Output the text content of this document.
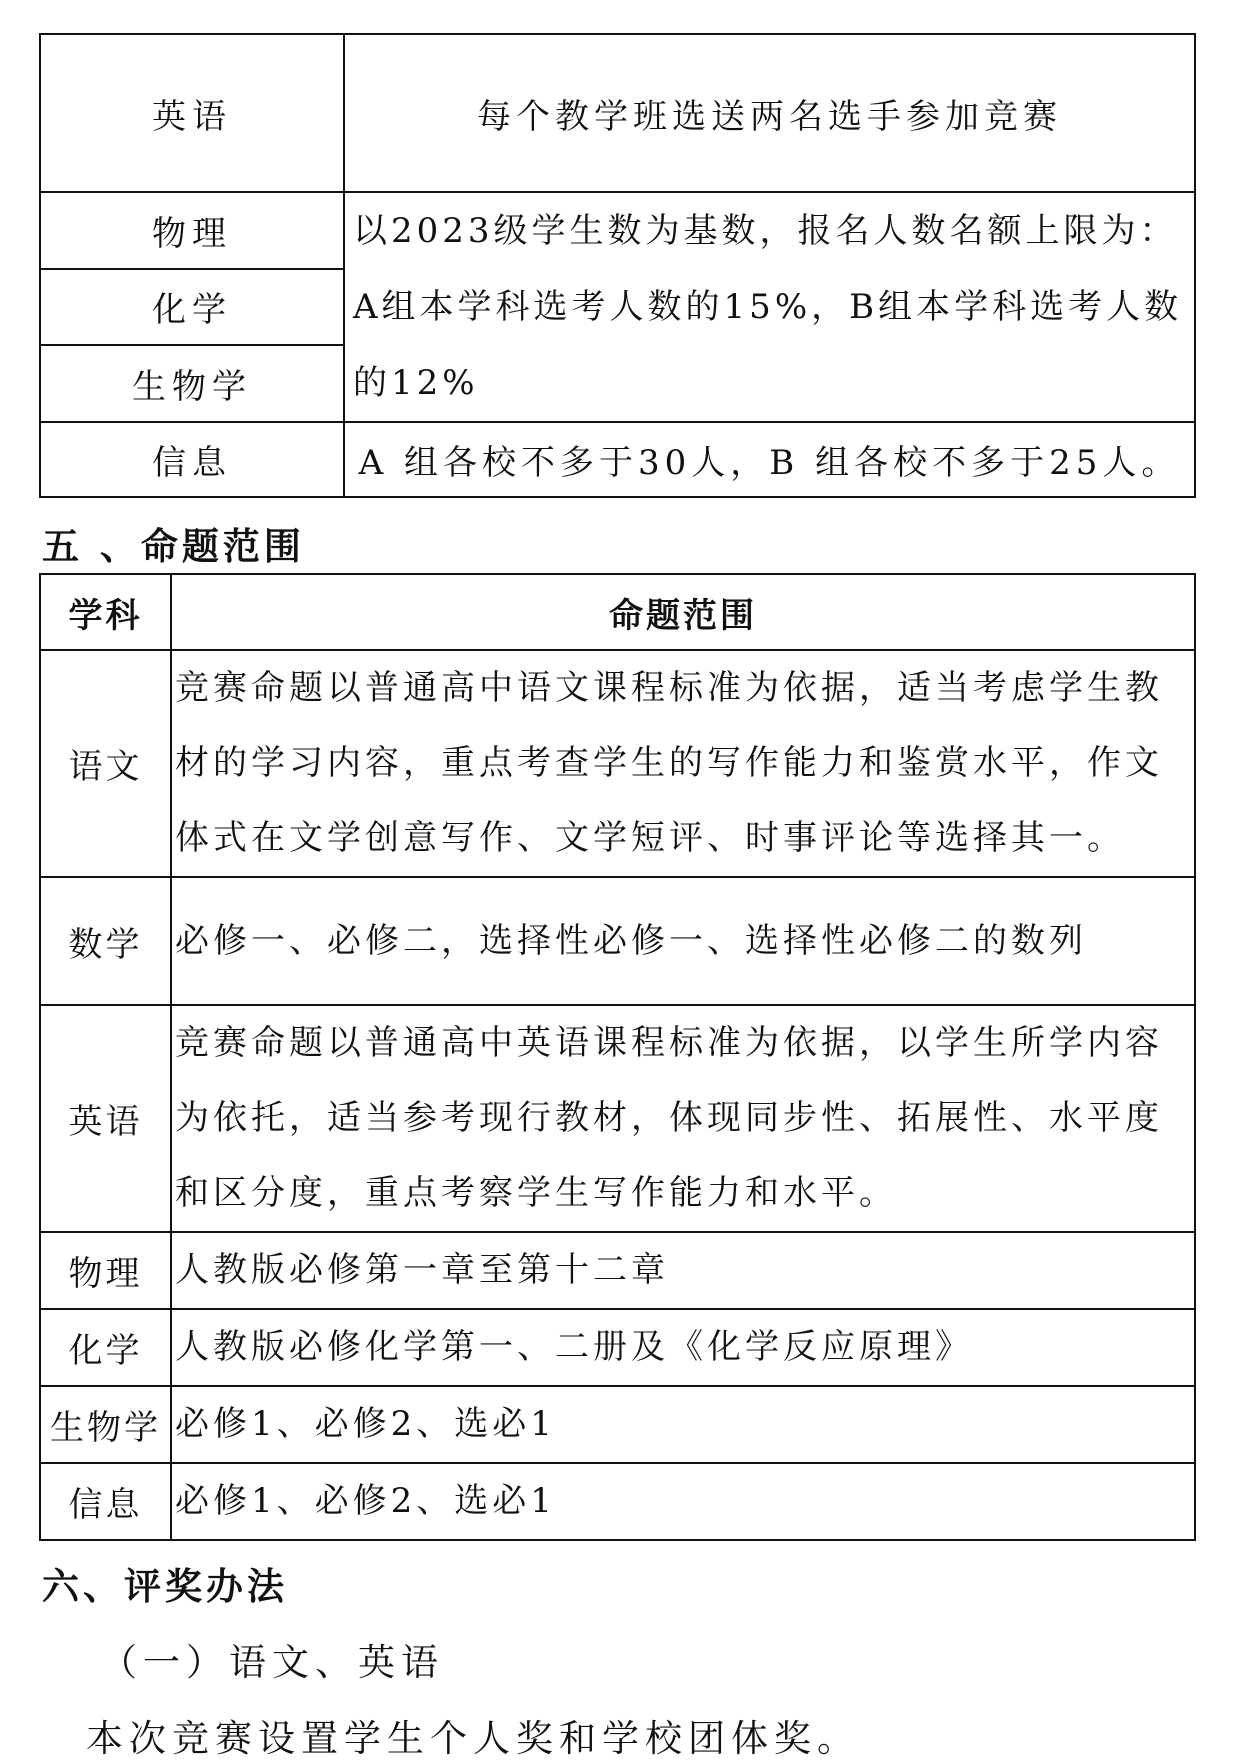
英语	每个教学班选送两名选手参加竞赛
物理	以2023级学生数为基数，报名人数名额上限为：A组本学科选考人数的15%，B组本学科选考人数的12%
化学	
生物学	
信息	A 组各校不多于30人，B 组各校不多于25人。
五 、命题范围
学科	命题范围
语文	竞赛命题以普通高中语文课程标准为依据，适当考虑学生教材的学习内容，重点考查学生的写作能力和鉴赏水平，作文体式在文学创意写作、文学短评、时事评论等选择其一。
数学	必修一、必修二，选择性必修一、选择性必修二的数列
英语	竞赛命题以普通高中英语课程标准为依据，以学生所学内容为依托，适当参考现行教材，体现同步性、拓展性、水平度和区分度，重点考察学生写作能力和水平。
物理	人教版必修第一章至第十二章
化学	人教版必修化学第一、二册及《化学反应原理》
生物学	必修1、必修2、选必1
信息	必修1、必修2、选必1
六、评奖办法

（一）语文、英语

本次竞赛设置学生个人奖和学校团体奖。
